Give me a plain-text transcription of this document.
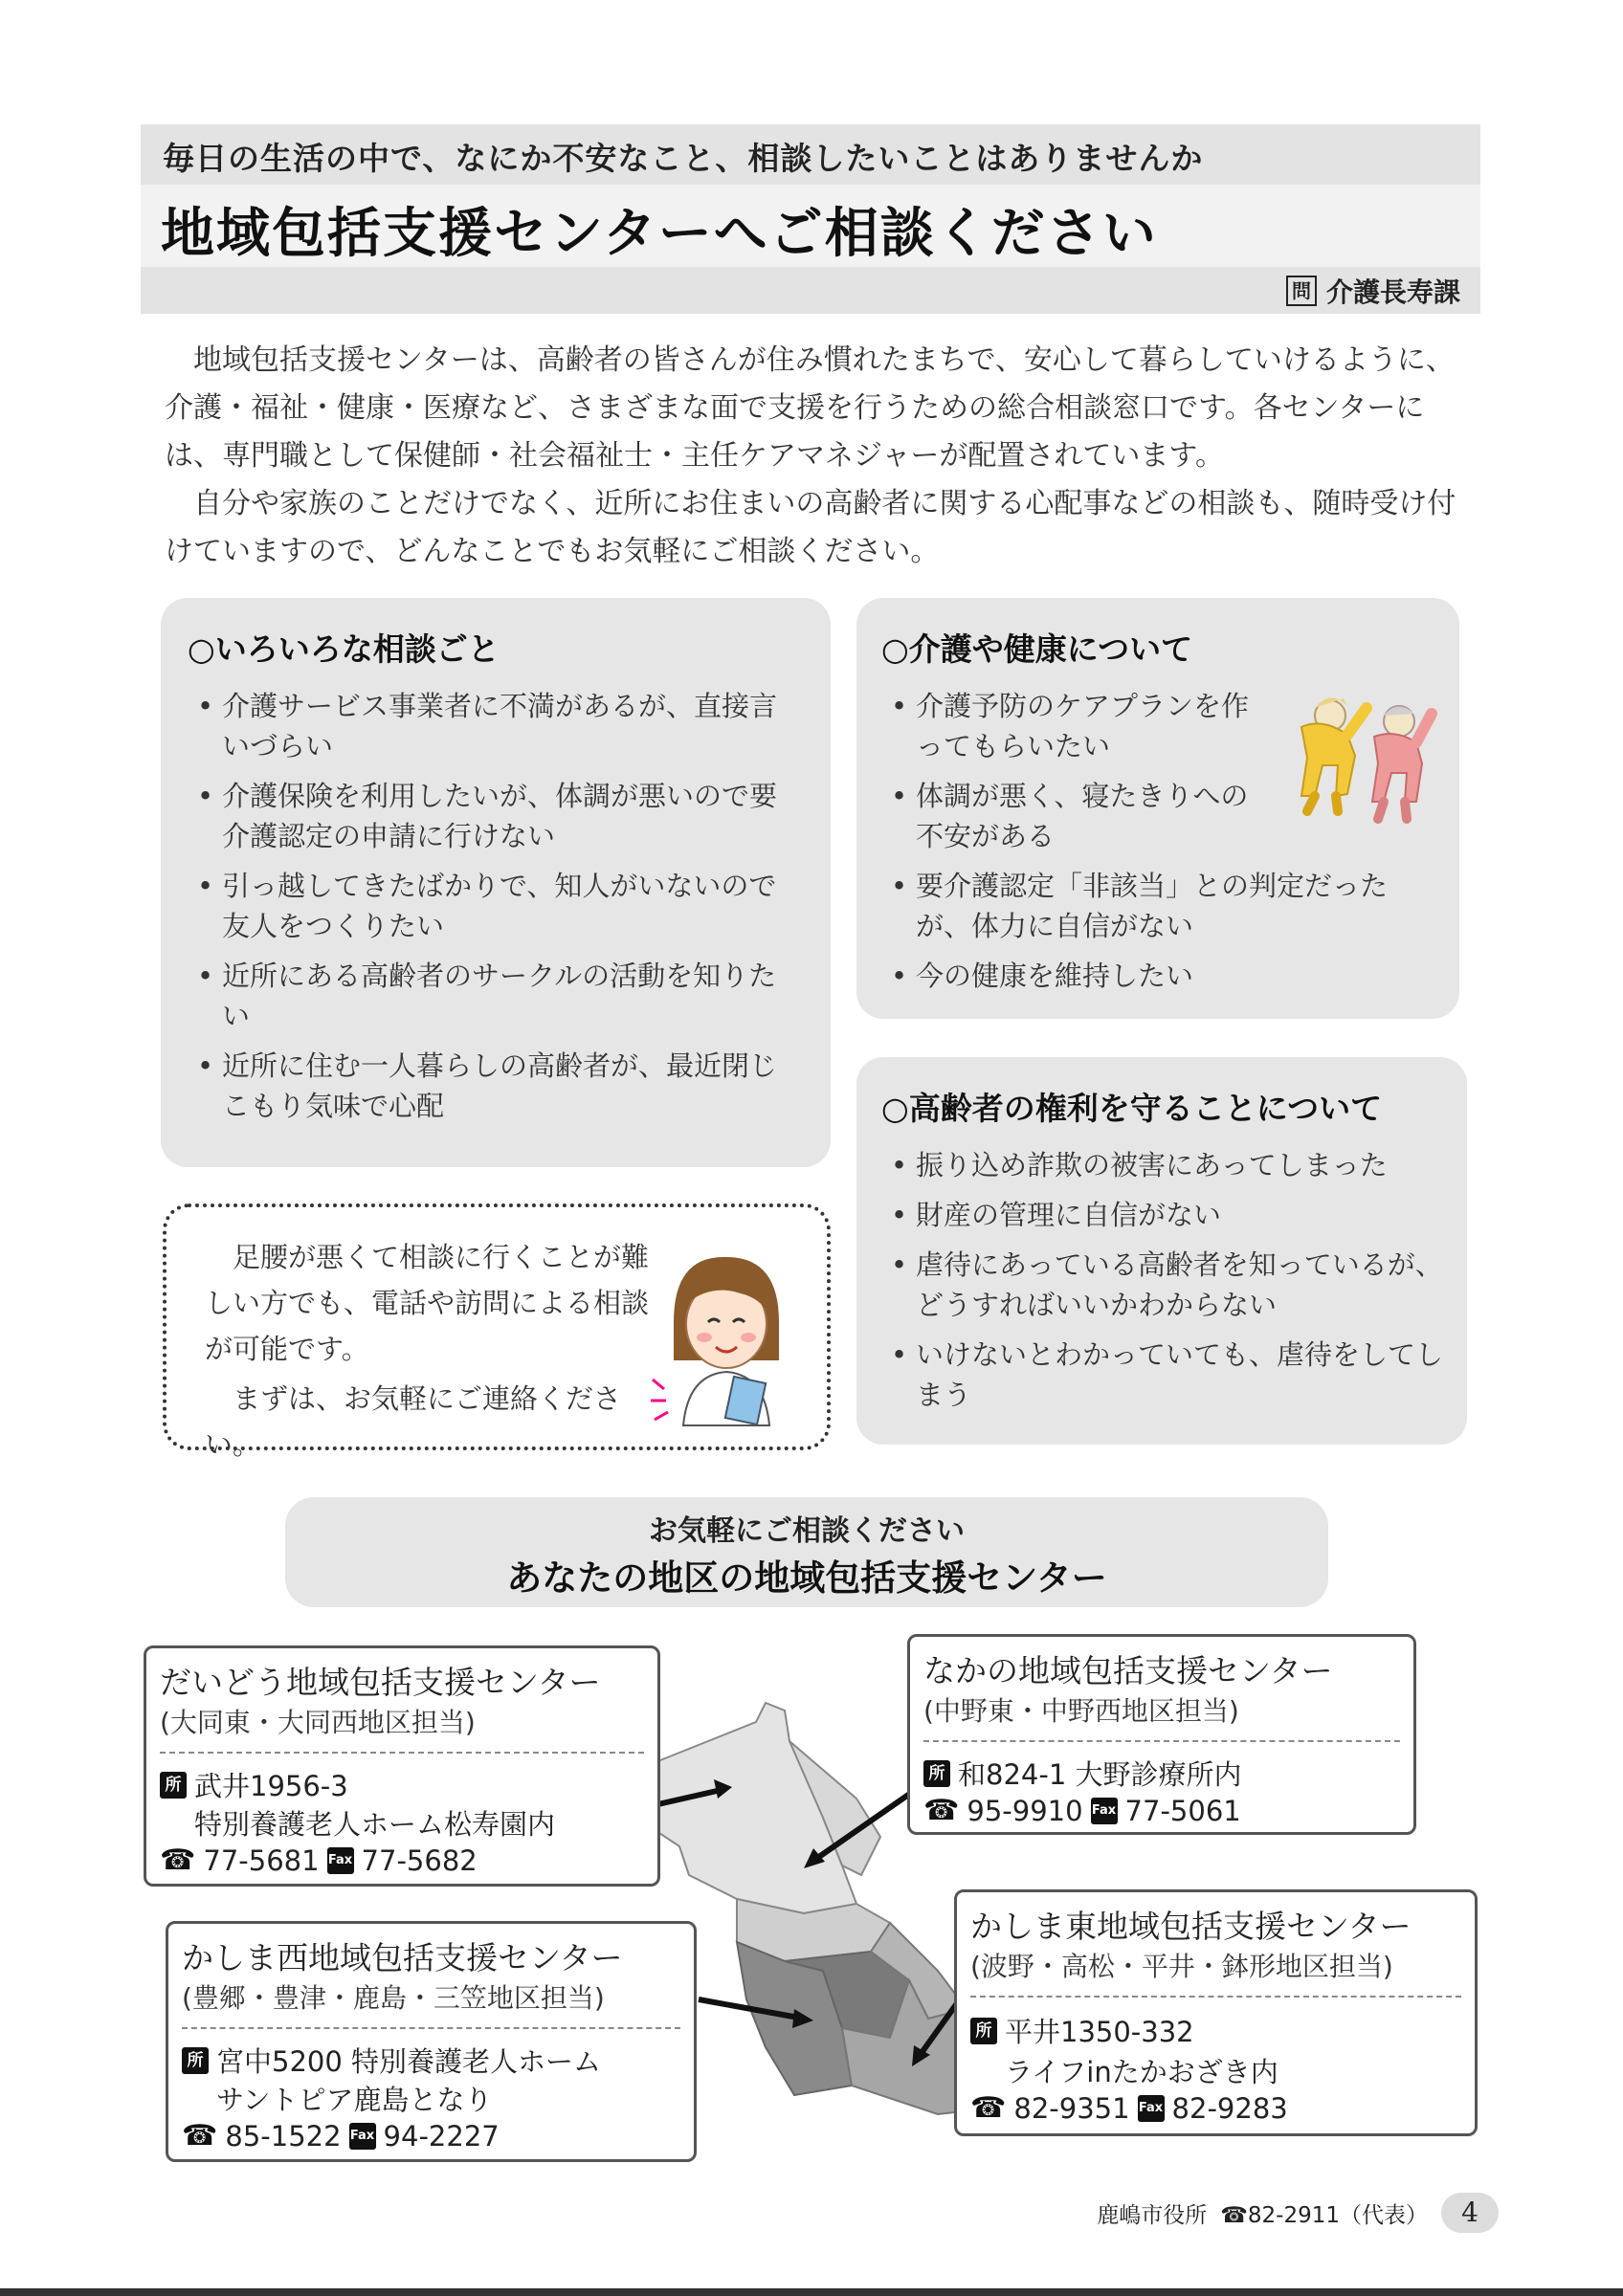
毎日の生活の中で、なにか不安なこと、相談したいことはありませんか
地域包括支援センターへご相談ください
問 介護長寿課

地域包括支援センターは、高齢者の皆さんが住み慣れたまちで、安心して暮らしていけるように、介護・福祉・健康・医療など、さまざまな面で支援を行うための総合相談窓口です。各センターには、専門職として保健師・社会福祉士・主任ケアマネジャーが配置されています。

自分や家族のことだけでなく、近所にお住まいの高齢者に関する心配事などの相談も、随時受け付けていますので、どんなことでもお気軽にご相談ください。

○いろいろな相談ごと
• 介護サービス事業者に不満があるが、直接言いづらい
• 介護保険を利用したいが、体調が悪いので要介護認定の申請に行けない
• 引っ越してきたばかりで、知人がいないので友人をつくりたい
• 近所にある高齢者のサークルの活動を知りたい
• 近所に住む一人暮らしの高齢者が、最近閉じこもり気味で心配
○介護や健康について
• 介護予防のケアプランを作ってもらいたい
• 体調が悪く、寝たきりへの不安がある
• 要介護認定「非該当」との判定だったが、体力に自信がない
• 今の健康を維持したい
○高齢者の権利を守ることについて
• 振り込め詐欺の被害にあってしまった
• 財産の管理に自信がない
• 虐待にあっている高齢者を知っているが、どうすればいいかわからない
• いけないとわかっていても、虐待をしてしまう

足腰が悪くて相談に行くことが難しい方でも、電話や訪問による相談が可能です。

まずは、お気軽にご連絡ください。

お気軽にご相談ください
あなたの地区の地域包括支援センター
だいどう地域包括支援センター
(大同東・大同西地区担当)
所 武井1956-3
特別養護老人ホーム松寿園内
☎ 77-5681 Fax 77-5682
なかの地域包括支援センター
(中野東・中野西地区担当)
所 和824-1 大野診療所内
☎ 95-9910 Fax 77-5061
かしま西地域包括支援センター
(豊郷・豊津・鹿島・三笠地区担当)
所 宮中5200 特別養護老人ホーム
サントピア鹿島となり
☎ 85-1522 Fax 94-2227
かしま東地域包括支援センター
(波野・高松・平井・鉢形地区担当)
所 平井1350-332
ライフinたかおざき内
☎ 82-9351 Fax 82-9283
鹿嶋市役所 ☎82-2911（代表）	4
